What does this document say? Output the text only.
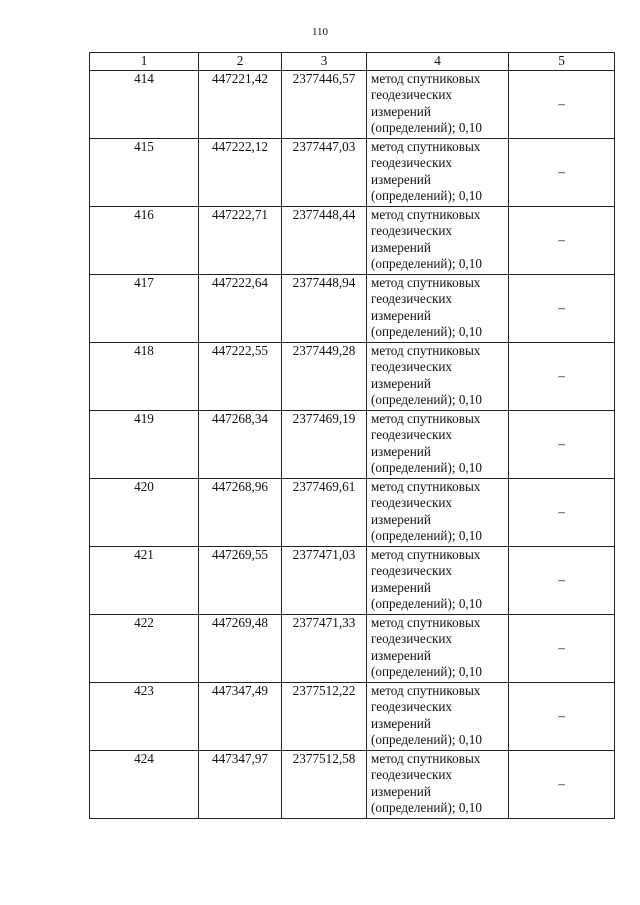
110
1	2	3	4	5
414	447221,42	2377446,57	метод спутниковых
геодезических
измерений
(определений); 0,10	–
415	447222,12	2377447,03	метод спутниковых
геодезических
измерений
(определений); 0,10	–
416	447222,71	2377448,44	метод спутниковых
геодезических
измерений
(определений); 0,10	–
417	447222,64	2377448,94	метод спутниковых
геодезических
измерений
(определений); 0,10	–
418	447222,55	2377449,28	метод спутниковых
геодезических
измерений
(определений); 0,10	–
419	447268,34	2377469,19	метод спутниковых
геодезических
измерений
(определений); 0,10	–
420	447268,96	2377469,61	метод спутниковых
геодезических
измерений
(определений); 0,10	–
421	447269,55	2377471,03	метод спутниковых
геодезических
измерений
(определений); 0,10	–
422	447269,48	2377471,33	метод спутниковых
геодезических
измерений
(определений); 0,10	–
423	447347,49	2377512,22	метод спутниковых
геодезических
измерений
(определений); 0,10	–
424	447347,97	2377512,58	метод спутниковых
геодезических
измерений
(определений); 0,10	–
